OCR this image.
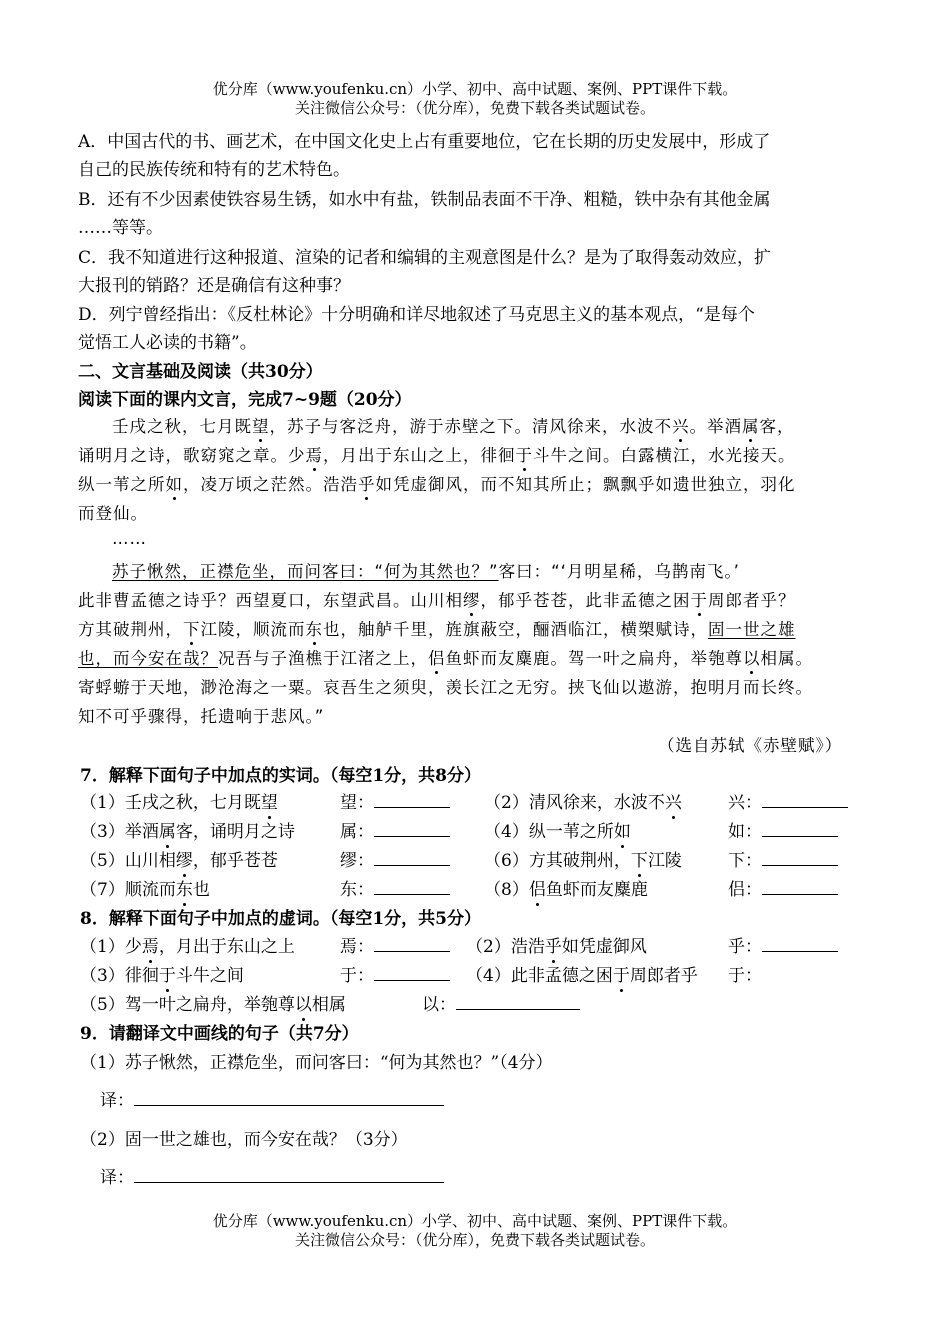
优分库（www.youfenku.cn）小学、初中、高中试题、案例、PPT课件下载。
关注微信公众号：（优分库），免费下载各类试题试卷。
A．中国古代的书、画艺术，在中国文化史上占有重要地位，它在长期的历史发展中，形成了
自己的民族传统和特有的艺术特色。
B．还有不少因素使铁容易生锈，如水中有盐，铁制品表面不干净、粗糙，铁中杂有其他金属
……等等。
C．我不知道进行这种报道、渲染的记者和编辑的主观意图是什么？是为了取得轰动效应，扩
大报刊的销路？还是确信有这种事？
D．列宁曾经指出：《反杜林论》十分明确和详尽地叙述了马克思主义的基本观点，“是每个
觉悟工人必读的书籍”。
二、文言基础及阅读（共30分）
阅读下面的课内文言，完成7~9题（20分）
壬戌之秋，七月既望，苏子与客泛舟，游于赤壁之下。清风徐来，水波不兴。举酒属客，
诵明月之诗，歌窈窕之章。少焉，月出于东山之上，徘徊于斗牛之间。白露横江，水光接天。
纵一苇之所如，凌万顷之茫然。浩浩乎如凭虚御风，而不知其所止；飘飘乎如遗世独立，羽化
而登仙。
……
苏子愀然，正襟危坐，而问客曰：“何为其然也？”客曰：“‘月明星稀，乌鹊南飞。’
此非曹孟德之诗乎？西望夏口，东望武昌。山川相缪，郁乎苍苍，此非孟德之困于周郎者乎？
方其破荆州，下江陵，顺流而东也，舳舻千里，旌旗蔽空，酾酒临江，横槊赋诗，固一世之雄
也，而今安在哉？况吾与子渔樵于江渚之上，侣鱼虾而友麋鹿。驾一叶之扁舟，举匏尊以相属。
寄蜉蝣于天地，渺沧海之一粟。哀吾生之须臾，羡长江之无穷。挟飞仙以遨游，抱明月而长终。
知不可乎骤得，托遗响于悲风。”
（选自苏轼《赤壁赋》）
7．解释下面句子中加点的实词。（每空1分，共8分）
（1）壬戌之秋，七月既望	望：	（2）清风徐来，水波不兴	兴：
（3）举酒属客，诵明月之诗	属：	（4）纵一苇之所如	如：
（5）山川相缪，郁乎苍苍	缪：	（6）方其破荆州，下江陵	下：
（7）顺流而东也	东：	（8）侣鱼虾而友麋鹿	侣：
8．解释下面句子中加点的虚词。（每空1分，共5分）
（1）少焉，月出于东山之上	焉：	（2）浩浩乎如凭虚御风	乎：
（3）徘徊于斗牛之间	于：	（4）此非孟德之困于周郎者乎 于：
（5）驾一叶之扁舟，举匏尊以相属	以：
9．请翻译文中画线的句子（共7分）
（1）苏子愀然，正襟危坐，而问客曰：“何为其然也？”（4分）
译：
（2）固一世之雄也，而今安在哉？（3分）
译：
优分库（www.youfenku.cn）小学、初中、高中试题、案例、PPT课件下载。
关注微信公众号：（优分库），免费下载各类试题试卷。
